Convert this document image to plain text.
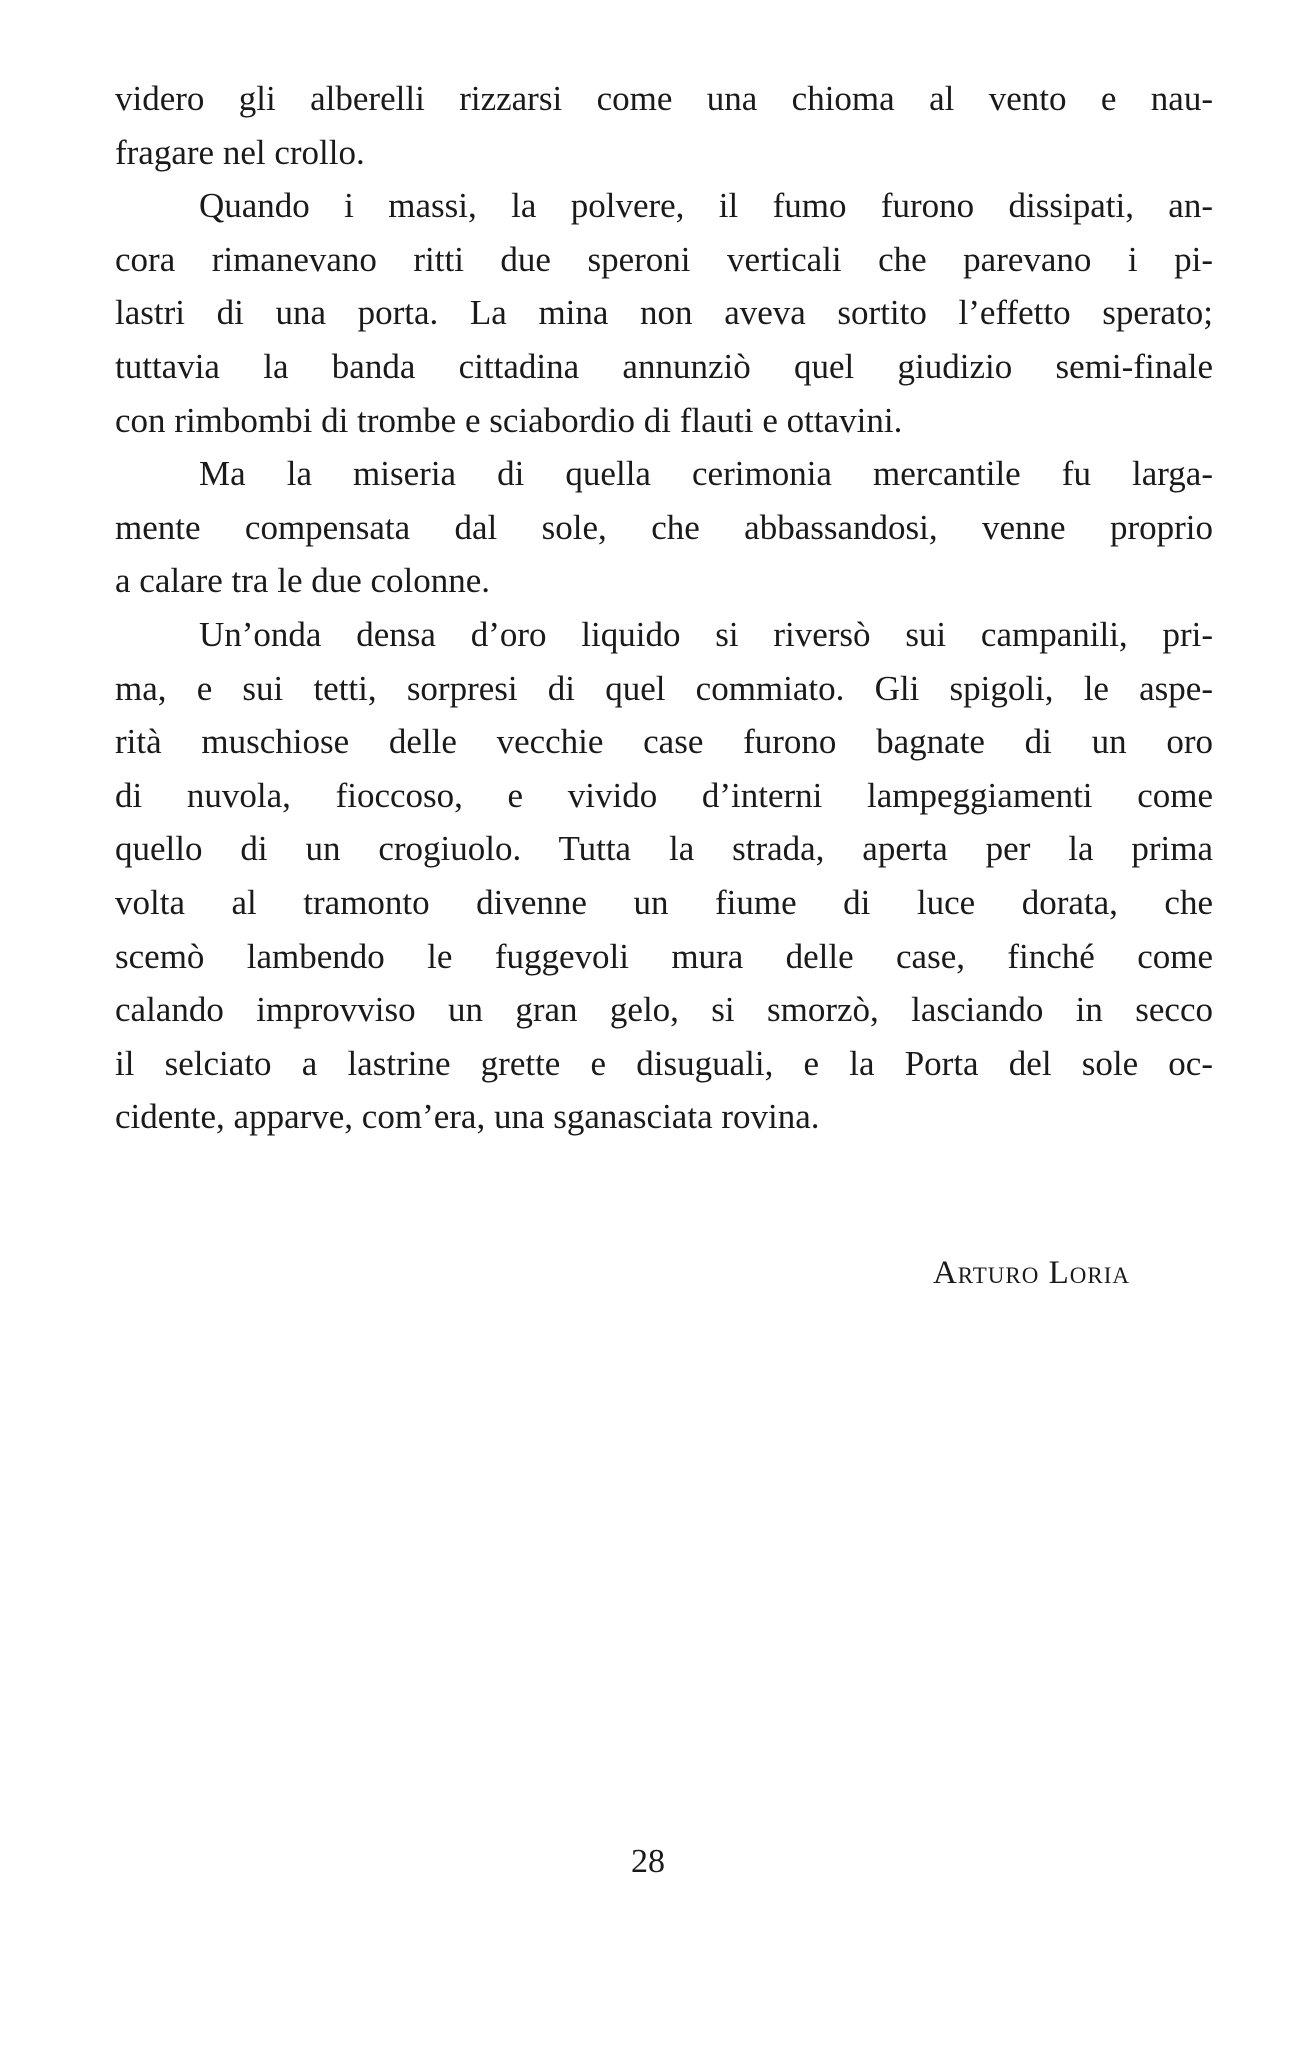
videro gli alberelli rizzarsi come una chioma al vento e nau-
fragare nel crollo.
Quando i massi, la polvere, il fumo furono dissipati, an-
cora rimanevano ritti due speroni verticali che parevano i pi-
lastri di una porta. La mina non aveva sortito l’effetto sperato;
tuttavia la banda cittadina annunziò quel giudizio semi-finale
con rimbombi di trombe e sciabordio di flauti e ottavini.
Ma la miseria di quella cerimonia mercantile fu larga-
mente compensata dal sole, che abbassandosi, venne proprio
a calare tra le due colonne.
Un’onda densa d’oro liquido si riversò sui campanili, pri-
ma, e sui tetti, sorpresi di quel commiato. Gli spigoli, le aspe-
rità muschiose delle vecchie case furono bagnate di un oro
di nuvola, fioccoso, e vivido d’interni lampeggiamenti come
quello di un crogiuolo. Tutta la strada, aperta per la prima
volta al tramonto divenne un fiume di luce dorata, che
scemò lambendo le fuggevoli mura delle case, finché come
calando improvviso un gran gelo, si smorzò, lasciando in secco
il selciato a lastrine grette e disuguali, e la Porta del sole oc-
cidente, apparve, com’era, una sganasciata rovina.
Arturo Loria
28
